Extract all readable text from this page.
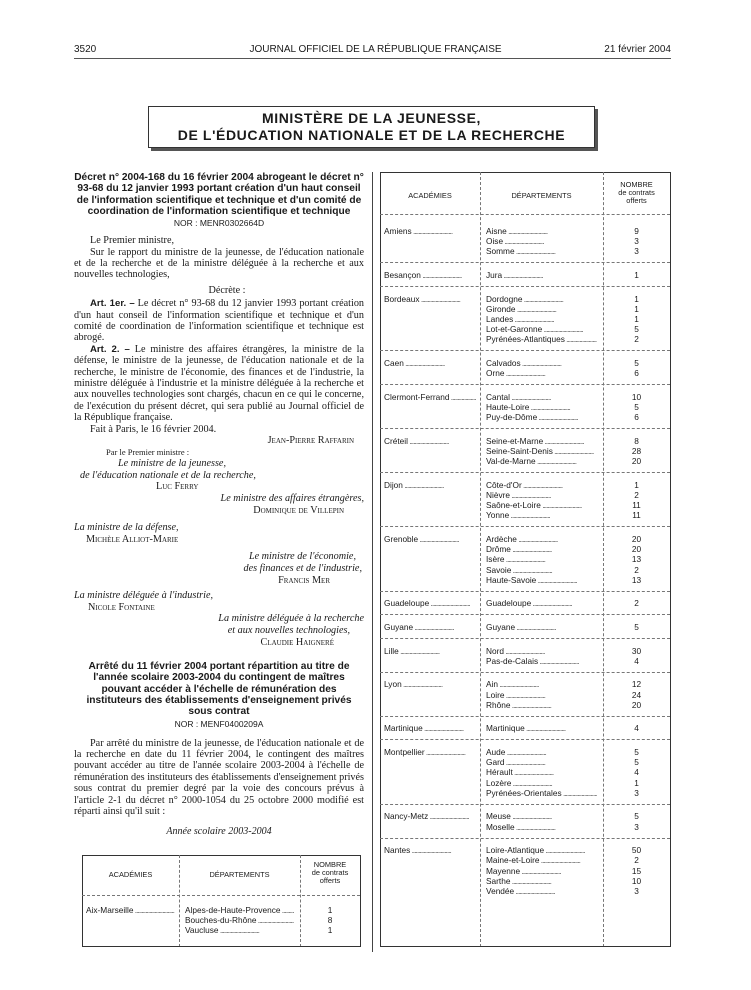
3520	JOURNAL OFFICIEL DE LA RÉPUBLIQUE FRANÇAISE	21 février 2004
MINISTÈRE DE LA JEUNESSE,
DE L'ÉDUCATION NATIONALE ET DE LA RECHERCHE
Décret n° 2004-168 du 16 février 2004 abrogeant le décret n° 93-68 du 12 janvier 1993 portant création d'un haut conseil de l'information scientifique et technique et d'un comité de coordination de l'information scientifique et technique
NOR : MENR0302664D

Le Premier ministre,

Sur le rapport du ministre de la jeunesse, de l'éducation nationale et de la recherche et de la ministre déléguée à la recherche et aux nouvelles technologies,

Décrète :

Art. 1er. – Le décret n° 93-68 du 12 janvier 1993 portant création d'un haut conseil de l'information scientifique et technique et d'un comité de coordination de l'information scientifique et technique est abrogé.

Art. 2. – Le ministre des affaires étrangères, la ministre de la défense, le ministre de la jeunesse, de l'éducation nationale et de la recherche, le ministre de l'économie, des finances et de l'industrie, la ministre déléguée à l'industrie et la ministre déléguée à la recherche et aux nouvelles technologies sont chargés, chacun en ce qui le concerne, de l'exécution du présent décret, qui sera publié au Journal officiel de la République française.

Fait à Paris, le 16 février 2004.

Jean-Pierre Raffarin
Par le Premier ministre :
Le ministre de la jeunesse,
de l'éducation nationale et de la recherche,
Luc Ferry
Le ministre des affaires étrangères,
Dominique de Villepin
La ministre de la défense,
Michèle Alliot-Marie
Le ministre de l'économie,
des finances et de l'industrie,
Francis Mer
La ministre déléguée à l'industrie,
Nicole Fontaine
La ministre déléguée à la recherche
et aux nouvelles technologies,
Claudie Haigneré
Arrêté du 11 février 2004 portant répartition au titre de l'année scolaire 2003-2004 du contingent de maîtres pouvant accéder à l'échelle de rémunération des instituteurs des établissements d'enseignement privés sous contrat
NOR : MENF0400209A

Par arrêté du ministre de la jeunesse, de l'éducation nationale et de la recherche en date du 11 février 2004, le contingent des maîtres pouvant accéder au titre de l'année scolaire 2003-2004 à l'échelle de rémunération des instituteurs des établissements d'enseignement privés sous contrat du premier degré par la voie des concours prévus à l'article 2-1 du décret n° 2000-1054 du 25 octobre 2000 modifié est réparti ainsi qu'il suit :

Année scolaire 2003-2004
ACADÉMIES	DÉPARTEMENTS
NOMBRE
de contrats
offerts
Aix-Marseille .....	Alpes-de-Haute-Provence .....	1
Bouches-du-Rhône .....	8
Vaucluse .....	1
ACADÉMIES	DÉPARTEMENTS
NOMBRE
de contrats
offerts
Amiens .....	Aisne .....	9
Oise .....	3
Somme .....	3
Besançon .....	Jura .....	1
Bordeaux .....	Dordogne .....	1
Gironde .....	1
Landes .....	1
Lot-et-Garonne .....	5
Pyrénées-Atlantiques .....	2
Caen .....	Calvados .....	5
Orne .....	6
Clermont-Ferrand .....	Cantal .....	10
Haute-Loire .....	5
Puy-de-Dôme .....	6
Créteil .....	Seine-et-Marne .....	8
Seine-Saint-Denis .....	28
Val-de-Marne .....	20
Dijon .....	Côte-d'Or .....	1
Nièvre .....	2
Saône-et-Loire .....	11
Yonne .....	11
Grenoble .....	Ardèche .....	20
Drôme .....	20
Isère .....	13
Savoie .....	2
Haute-Savoie .....	13
Guadeloupe .....	Guadeloupe .....	2
Guyane .....	Guyane .....	5
Lille .....	Nord .....	30
Pas-de-Calais .....	4
Lyon .....	Ain .....	12
Loire .....	24
Rhône .....	20
Martinique .....	Martinique .....	4
Montpellier .....	Aude .....	5
Gard .....	5
Hérault .....	4
Lozère .....	1
Pyrénées-Orientales .....	3
Nancy-Metz .....	Meuse .....	5
Moselle .....	3
Nantes .....	Loire-Atlantique .....	50
Maine-et-Loire .....	2
Mayenne .....	15
Sarthe .....	10
Vendée .....	3
